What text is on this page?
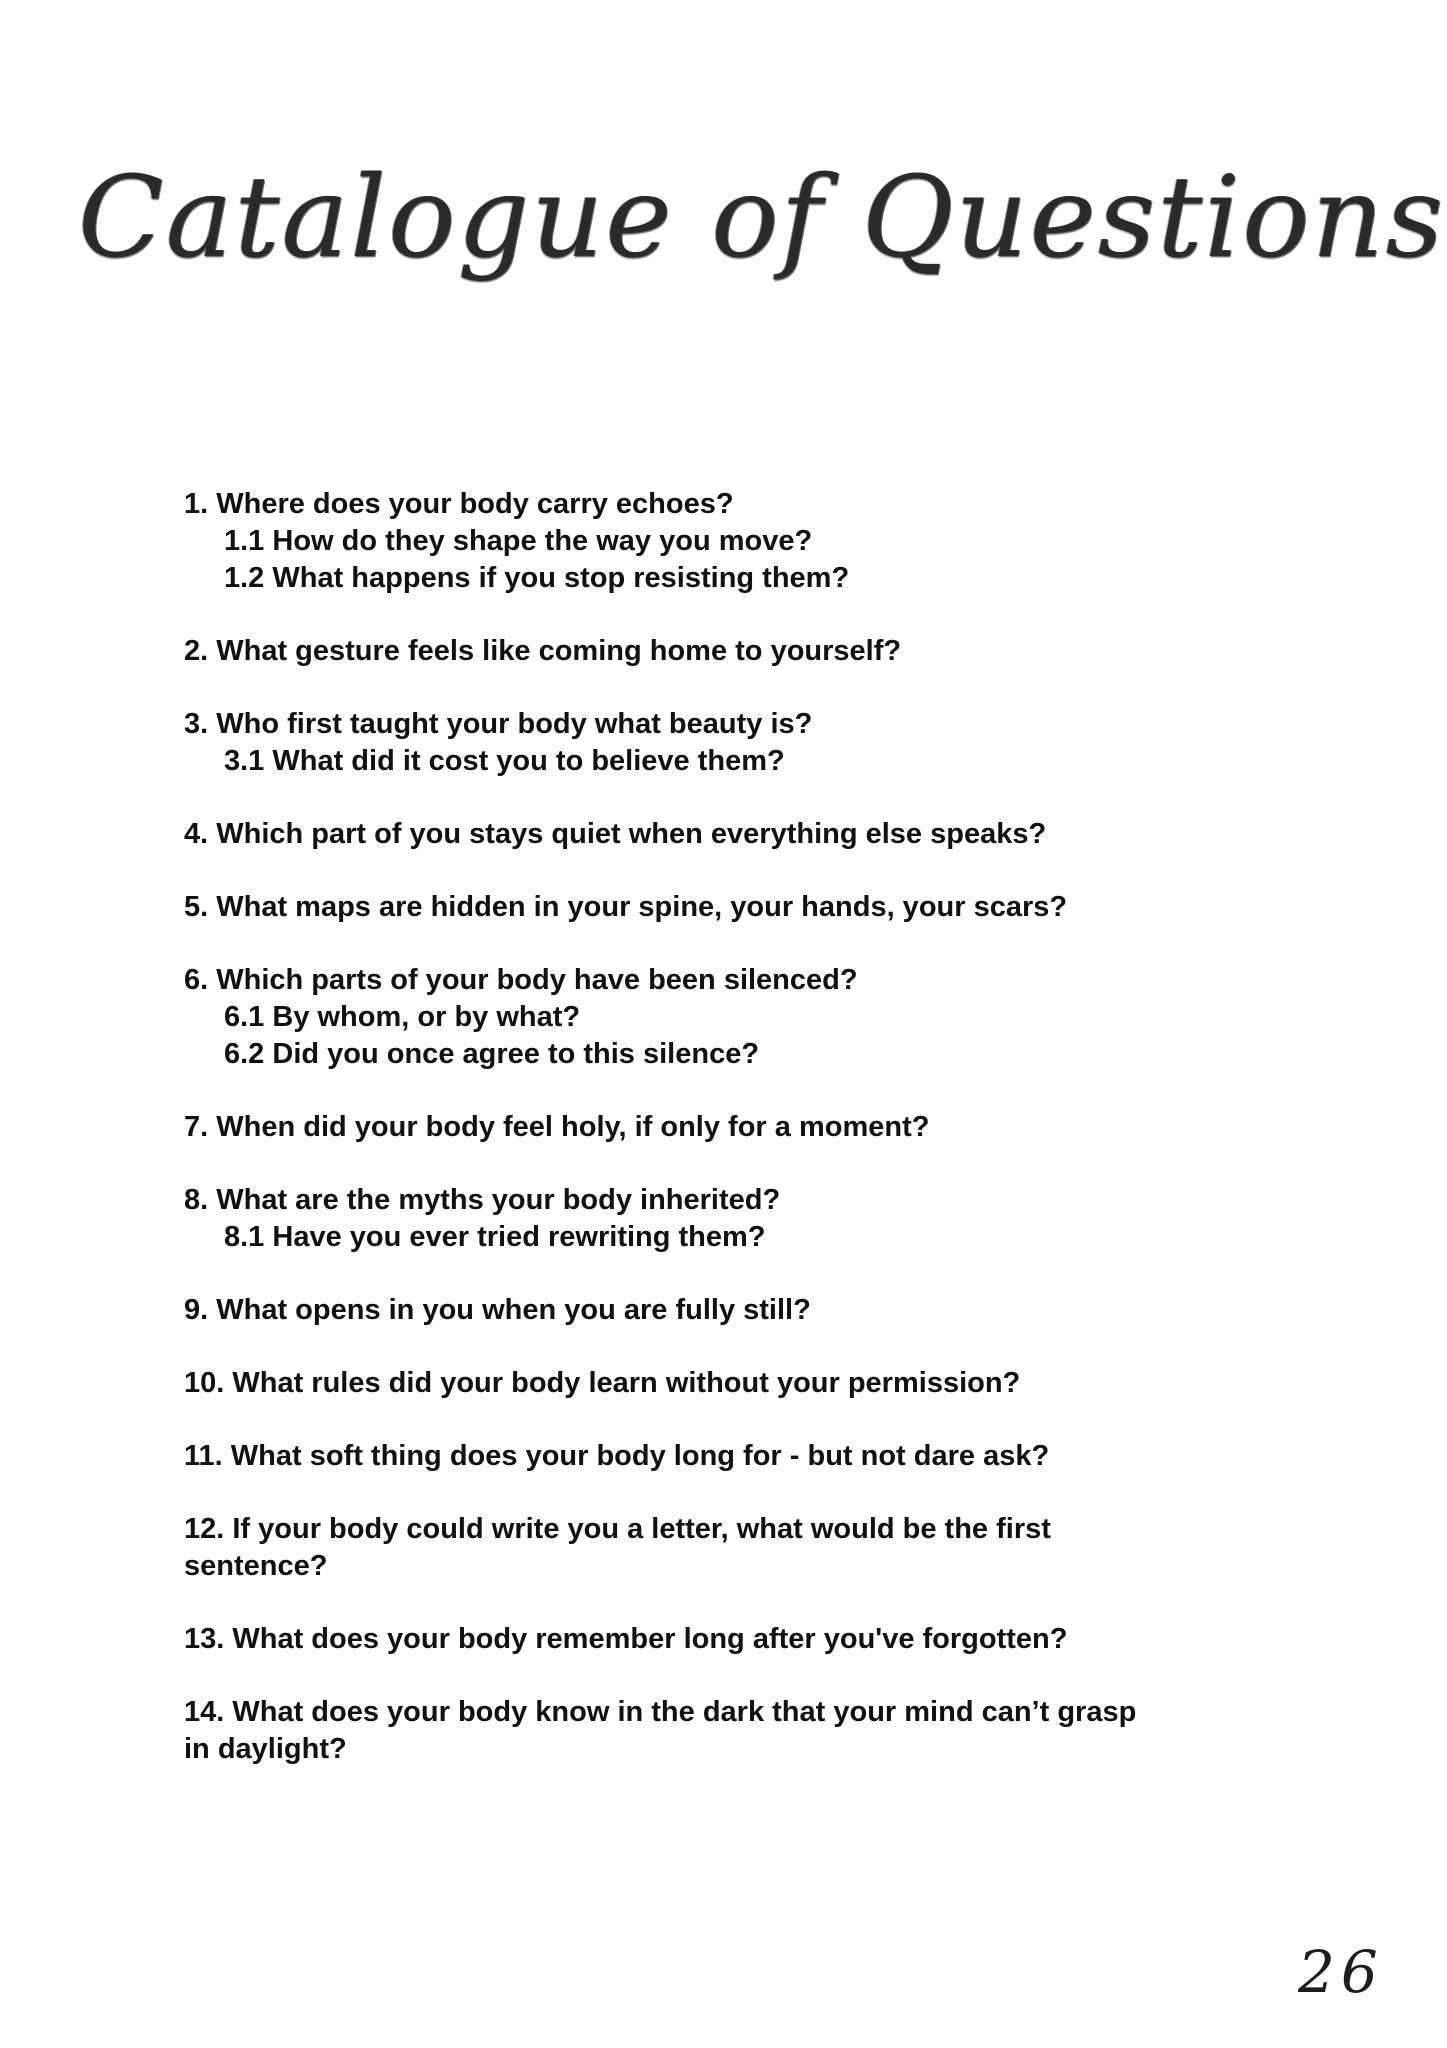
Catalogue of Questions
1. Where does your body carry echoes?
1.1 How do they shape the way you move?
1.2 What happens if you stop resisting them?
2. What gesture feels like coming home to yourself?
3. Who first taught your body what beauty is?
3.1 What did it cost you to believe them?
4. Which part of you stays quiet when everything else speaks?
5. What maps are hidden in your spine, your hands, your scars?
6. Which parts of your body have been silenced?
6.1 By whom, or by what?
6.2 Did you once agree to this silence?
7. When did your body feel holy, if only for a moment?
8. What are the myths your body inherited?
8.1 Have you ever tried rewriting them?
9. What opens in you when you are fully still?
10. What rules did your body learn without your permission?
11. What soft thing does your body long for - but not dare ask?
12. If your body could write you a letter, what would be the first sentence?
13. What does your body remember long after you've forgotten?
14. What does your body know in the dark that your mind can’t grasp in daylight?
26
